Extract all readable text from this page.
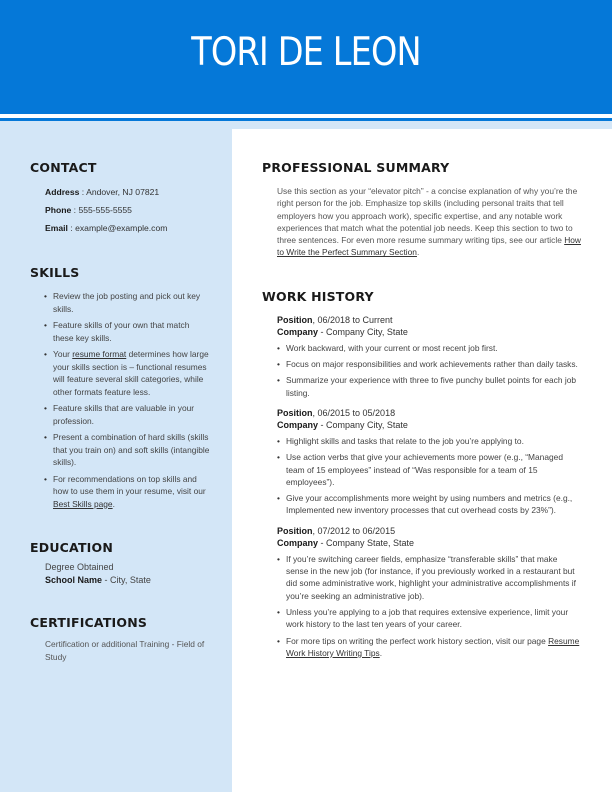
TORI DE LEON
CONTACT
Address : Andover, NJ 07821
Phone : 555-555-5555
Email : example@example.com
SKILLS
• Review the job posting and pick out key skills.
• Feature skills of your own that match these key skills.
• Your resume format determines how large your skills section is – functional resumes will feature several skill categories, while other formats feature less.
• Feature skills that are valuable in your profession.
• Present a combination of hard skills (skills that you train on) and soft skills (intangible skills).
• For recommendations on top skills and how to use them in your resume, visit our Best Skills page.
EDUCATION
Degree Obtained
School Name - City, State
CERTIFICATIONS
Certification or additional Training - Field of Study
PROFESSIONAL SUMMARY
Use this section as your “elevator pitch” - a concise explanation of why you’re the right person for the job. Emphasize top skills (including personal traits that tell employers how you approach work), specific expertise, and any notable work experiences that match what the potential job needs. Keep this section to two to three sentences. For even more resume summary writing tips, see our article How to Write the Perfect Summary Section.
WORK HISTORY
Position, 06/2018 to Current
Company - Company City, State
• Work backward, with your current or most recent job first.
• Focus on major responsibilities and work achievements rather than daily tasks.
• Summarize your experience with three to five punchy bullet points for each job listing.
Position, 06/2015 to 05/2018
Company - Company City, State
• Highlight skills and tasks that relate to the job you’re applying to.
• Use action verbs that give your achievements more power (e.g., “Managed team of 15 employees” instead of “Was responsible for a team of 15 employees”).
• Give your accomplishments more weight by using numbers and metrics (e.g., Implemented new inventory processes that cut overhead costs by 23%”).
Position, 07/2012 to 06/2015
Company - Company State, State
• If you’re switching career fields, emphasize “transferable skills” that make sense in the new job (for instance, if you previously worked in a restaurant but did some administrative work, highlight your administrative accomplishments if you’re seeking an administrative job).
• Unless you’re applying to a job that requires extensive experience, limit your work history to the last ten years of your career.
• For more tips on writing the perfect work history section, visit our page Resume Work History Writing Tips.
